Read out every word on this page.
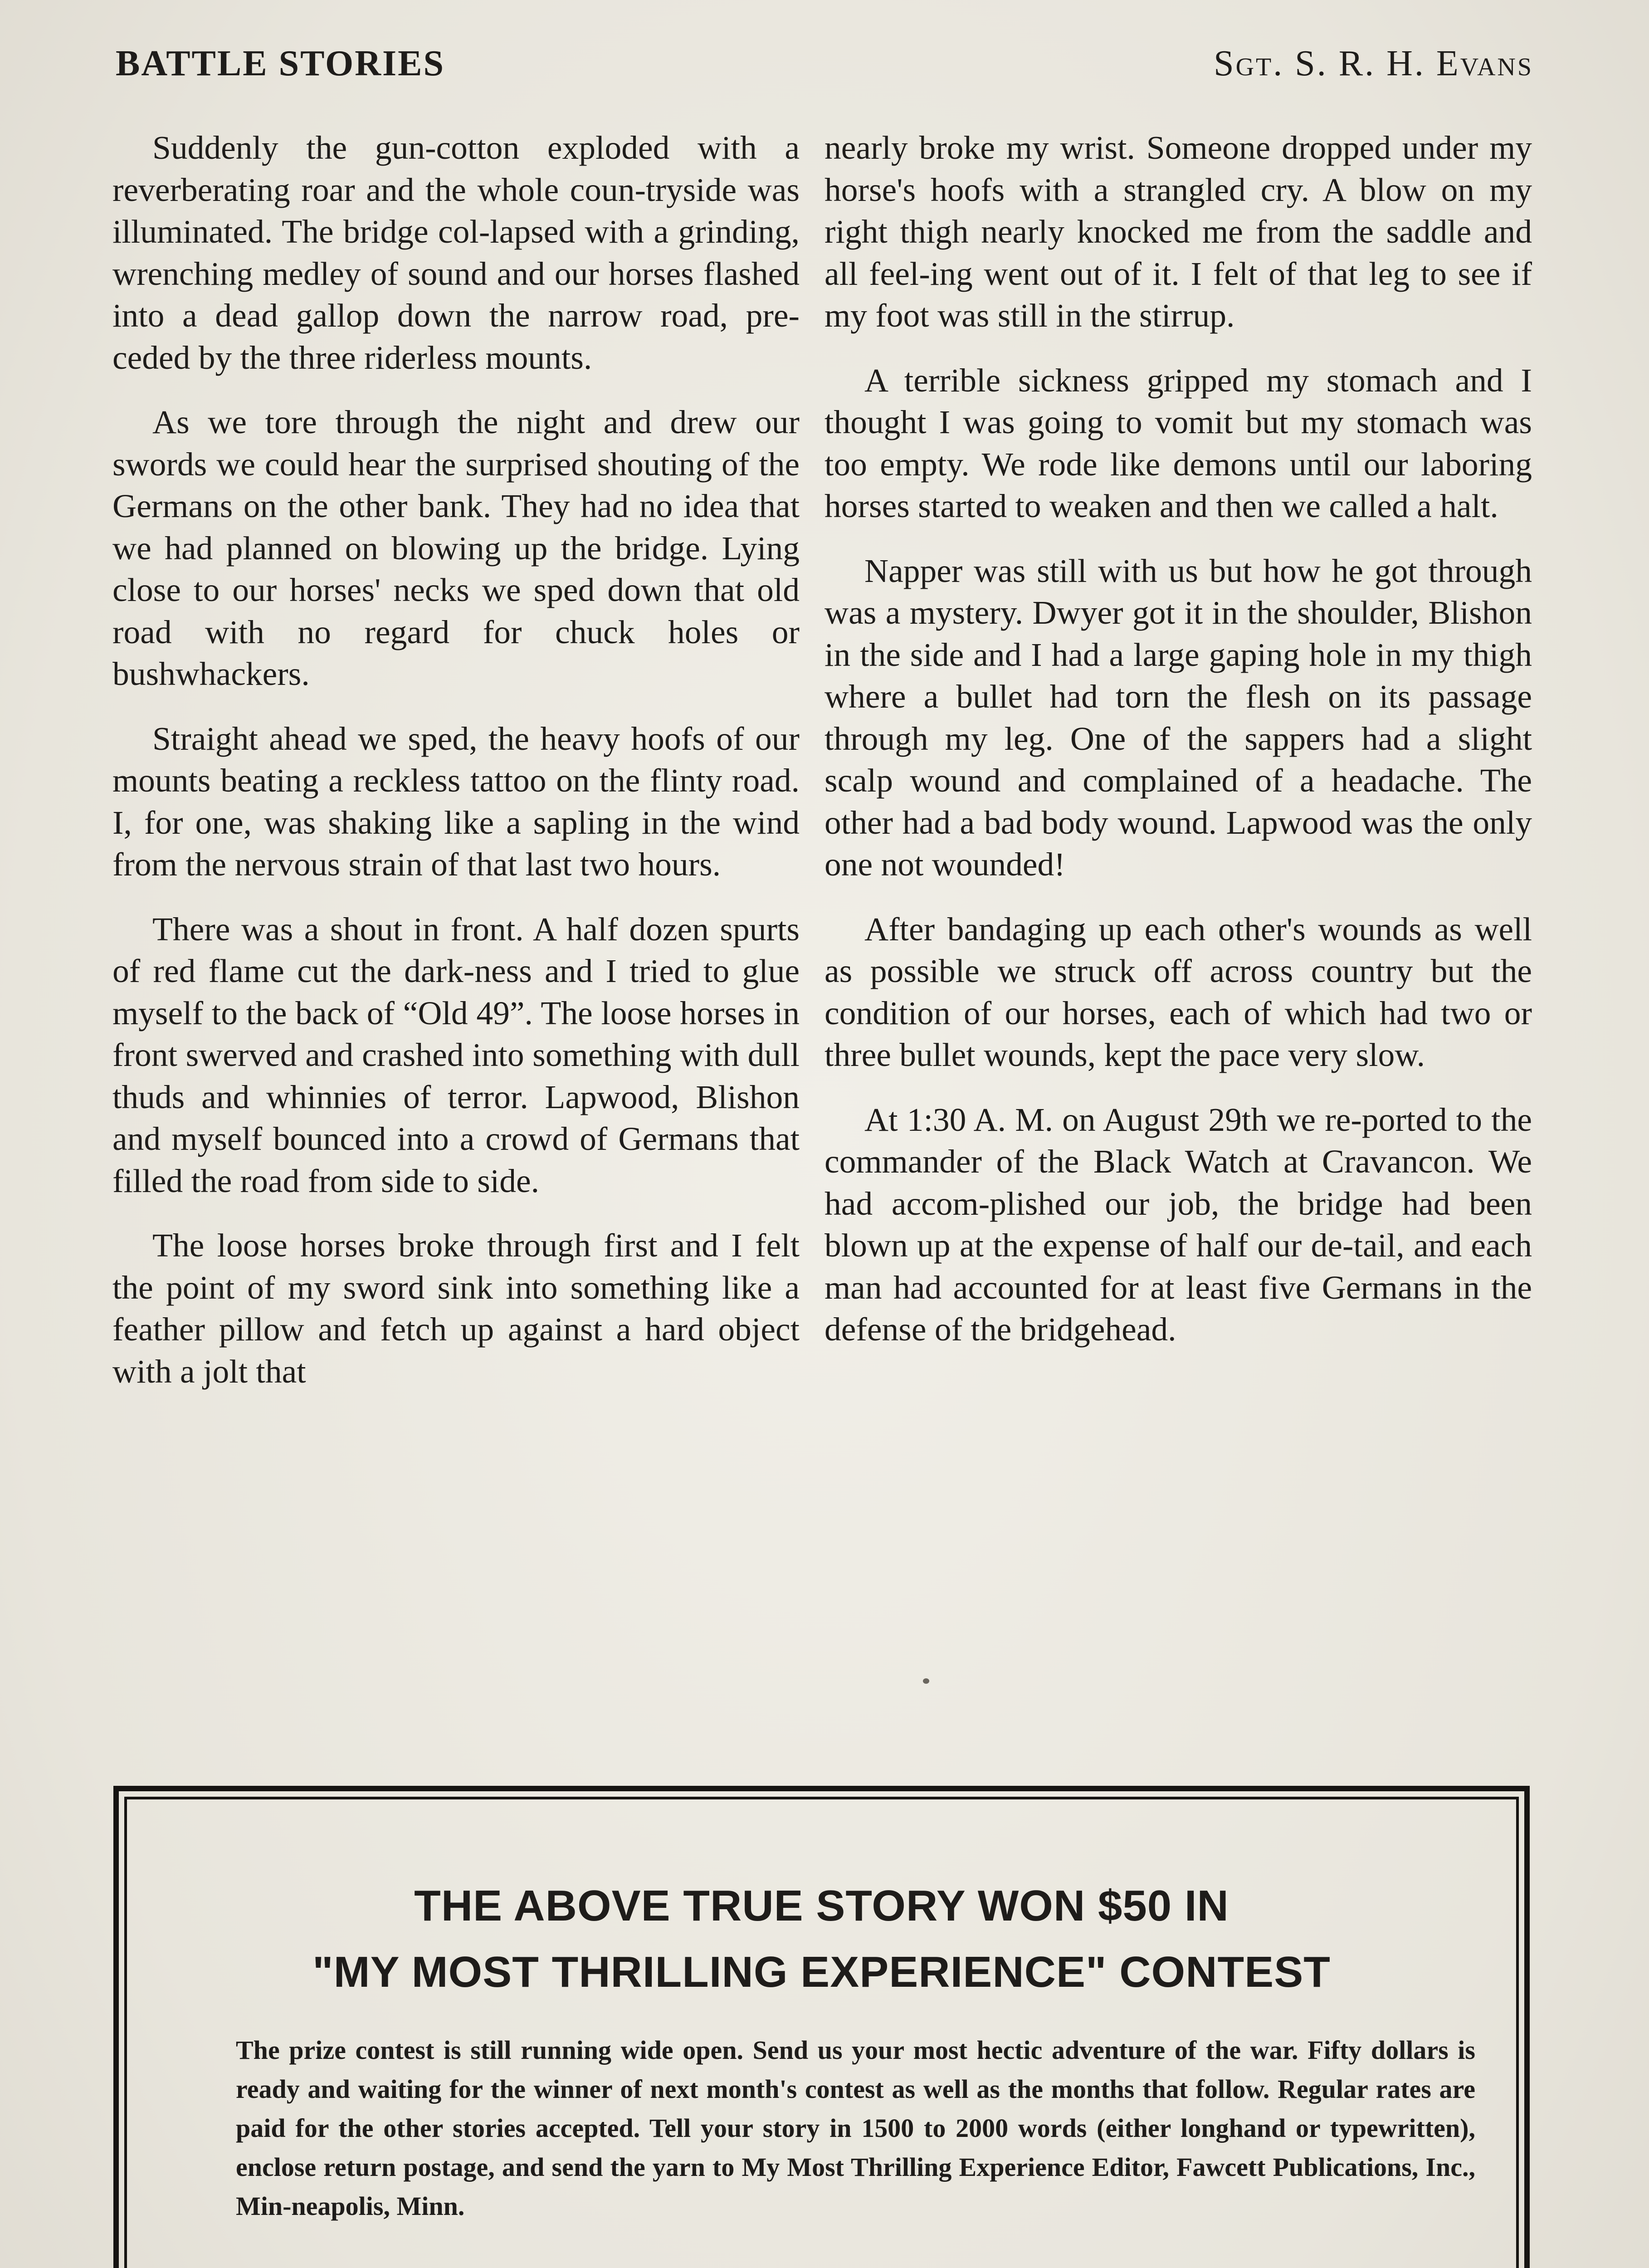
BATTLE STORIES	Sgt. S. R. H. Evans

Suddenly the gun-cotton exploded with a reverberating roar and the whole coun-tryside was illuminated. The bridge col-lapsed with a grinding, wrenching medley of sound and our horses flashed into a dead gallop down the narrow road, pre-ceded by the three riderless mounts.

As we tore through the night and drew our swords we could hear the surprised shouting of the Germans on the other bank. They had no idea that we had planned on blowing up the bridge. Lying close to our horses' necks we sped down that old road with no regard for chuck holes or bushwhackers.

Straight ahead we sped, the heavy hoofs of our mounts beating a reckless tattoo on the flinty road. I, for one, was shaking like a sapling in the wind from the nervous strain of that last two hours.

There was a shout in front. A half dozen spurts of red flame cut the dark-ness and I tried to glue myself to the back of “Old 49”. The loose horses in front swerved and crashed into something with dull thuds and whinnies of terror. Lapwood, Blishon and myself bounced into a crowd of Germans that filled the road from side to side.

The loose horses broke through first and I felt the point of my sword sink into something like a feather pillow and fetch up against a hard object with a jolt that

nearly broke my wrist. Someone dropped under my horse's hoofs with a strangled cry. A blow on my right thigh nearly knocked me from the saddle and all feel-ing went out of it. I felt of that leg to see if my foot was still in the stirrup.

A terrible sickness gripped my stomach and I thought I was going to vomit but my stomach was too empty. We rode like demons until our laboring horses started to weaken and then we called a halt.

Napper was still with us but how he got through was a mystery. Dwyer got it in the shoulder, Blishon in the side and I had a large gaping hole in my thigh where a bullet had torn the flesh on its passage through my leg. One of the sappers had a slight scalp wound and complained of a headache. The other had a bad body wound. Lapwood was the only one not wounded!

After bandaging up each other's wounds as well as possible we struck off across country but the condition of our horses, each of which had two or three bullet wounds, kept the pace very slow.

At 1:30 A. M. on August 29th we re-ported to the commander of the Black Watch at Cravancon. We had accom-plished our job, the bridge had been blown up at the expense of half our de-tail, and each man had accounted for at least five Germans in the defense of the bridgehead.

THE ABOVE TRUE STORY WON $50 IN
"MY MOST THRILLING EXPERIENCE" CONTEST
The prize contest is still running wide open. Send us your most hectic adventure of the war. Fifty dollars is ready and waiting for the winner of next month's contest as well as the months that follow. Regular rates are paid for the other stories accepted. Tell your story in 1500 to 2000 words (either longhand or typewritten), enclose return postage, and send the yarn to My Most Thrilling Experience Editor, Fawcett Publications, Inc., Min-neapolis, Minn.
